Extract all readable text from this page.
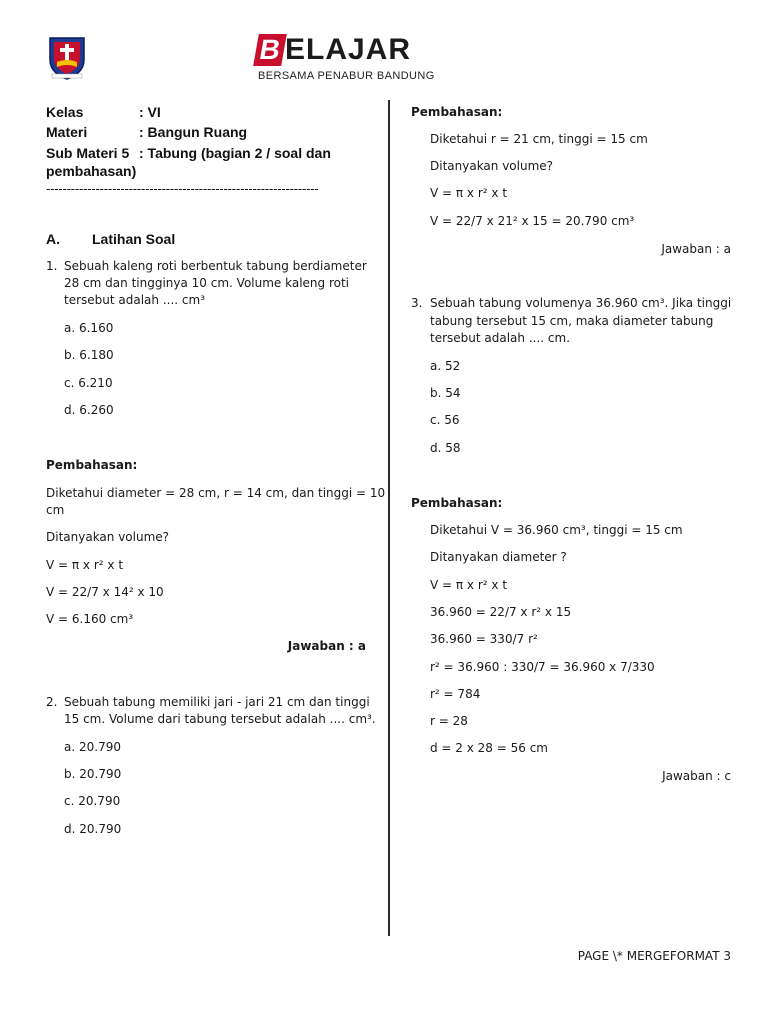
B ELAJAR
BERSAMA PENABUR BANDUNG
Kelas	: VI
Materi	: Bangun Ruang
Sub Materi 5 : Tabung (bagian 2 / soal dan
pembahasan)
------------------------------------------------------------------
A. Latihan Soal
1. Sebuah kaleng roti berbentuk tabung berdiameter
28 cm dan tingginya 10 cm. Volume kaleng roti
tersebut adalah .... cm³
a. 6.160
b. 6.180
c. 6.210
d. 6.260
Pembahasan:
Diketahui diameter = 28 cm, r = 14 cm, dan tinggi = 10
cm
Ditanyakan volume?
V = π x r² x t
V = 22/7 x 14² x 10
V = 6.160 cm³
Jawaban : a
2. Sebuah tabung memiliki jari - jari 21 cm dan tinggi
15 cm. Volume dari tabung tersebut adalah .... cm³.
a. 20.790
b. 20.790
c. 20.790
d. 20.790
Pembahasan:
Diketahui r = 21 cm, tinggi = 15 cm
Ditanyakan volume?
V = π x r² x t
V = 22/7 x 21² x 15 = 20.790 cm³
Jawaban : a
3. Sebuah tabung volumenya 36.960 cm³. Jika tinggi
tabung tersebut 15 cm, maka diameter tabung
tersebut adalah .... cm.
a. 52
b. 54
c. 56
d. 58
Pembahasan:
Diketahui V = 36.960 cm³, tinggi = 15 cm
Ditanyakan diameter ?
V = π x r² x t
36.960 = 22/7 x r² x 15
36.960 = 330/7 r²
r² = 36.960 : 330/7 = 36.960 x 7/330
r² = 784
r = 28
d = 2 x 28 = 56 cm
Jawaban : c
PAGE \* MERGEFORMAT 3
